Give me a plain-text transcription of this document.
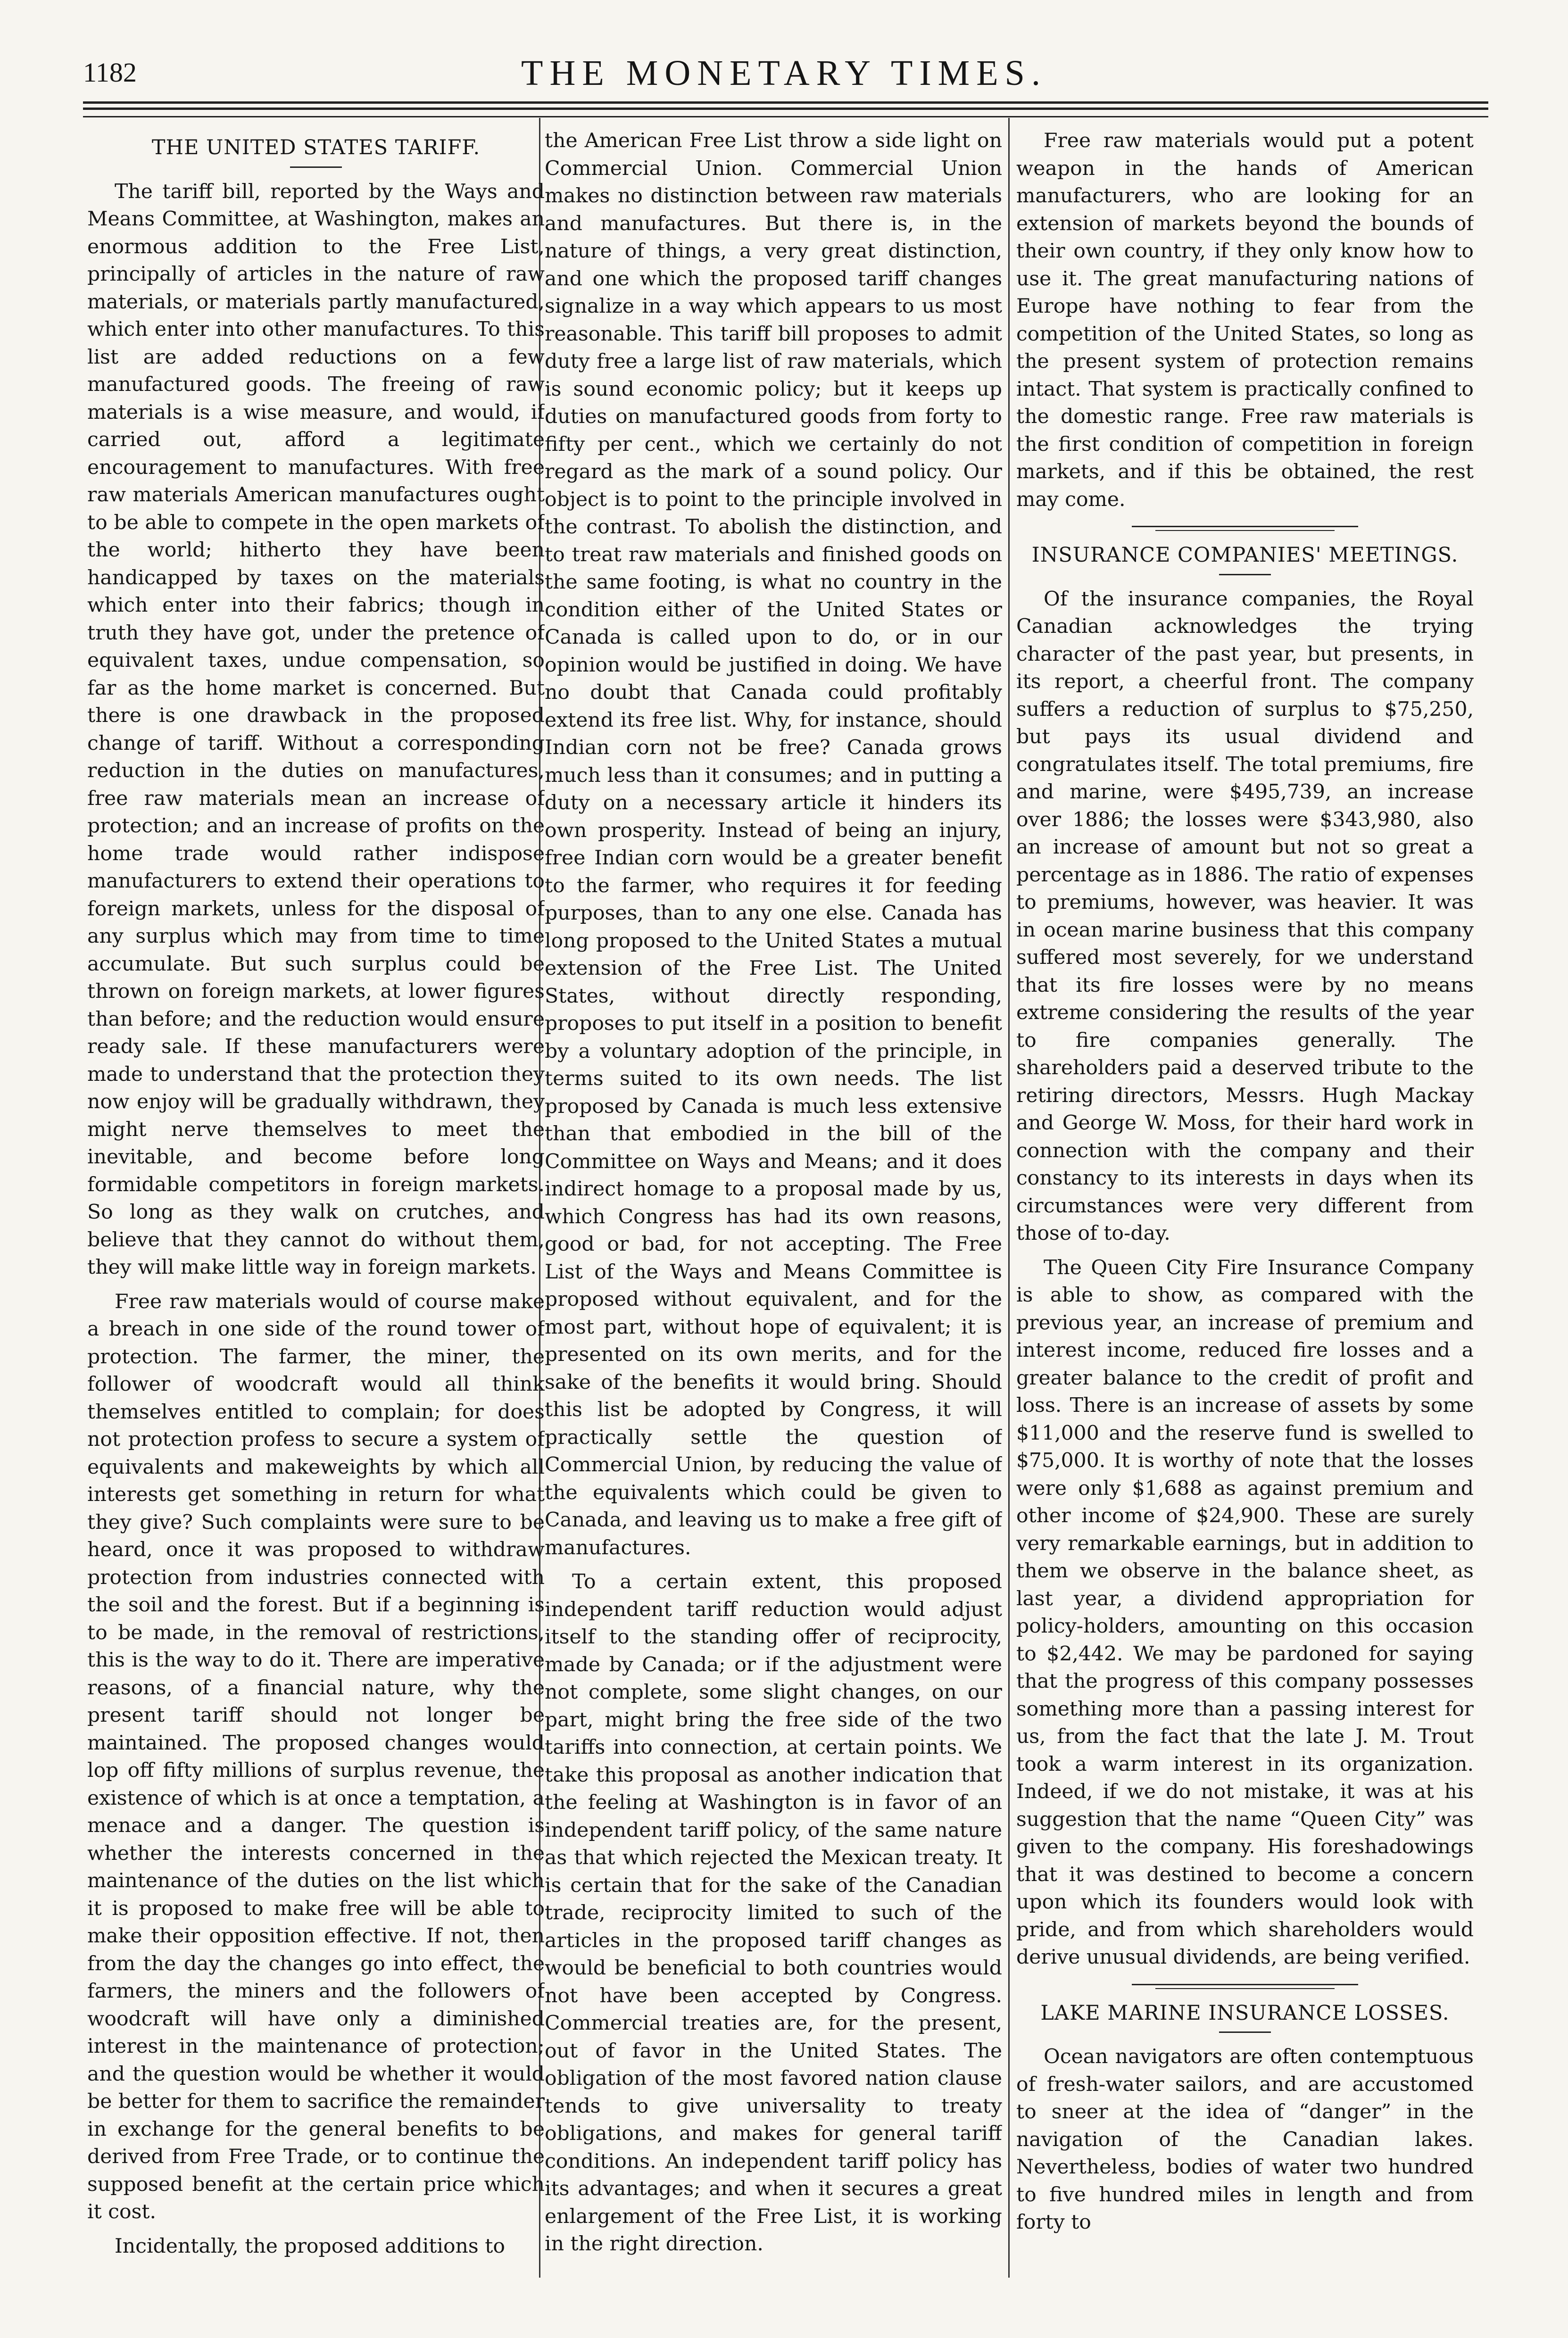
1182	THE MONETARY TIMES.
THE UNITED STATES TARIFF.

The tariff bill, reported by the Ways and Means Committee, at Washington, makes an enormous addition to the Free List, principally of articles in the nature of raw materials, or materials partly manufactured, which enter into other manufactures. To this list are added reductions on a few manufactured goods. The freeing of raw materials is a wise measure, and would, if carried out, afford a legitimate encouragement to manufactures. With free raw materials American manufactures ought to be able to compete in the open markets of the world; hitherto they have been handicapped by taxes on the materials which enter into their fabrics; though in truth they have got, under the pretence of equivalent taxes, undue compensation, so far as the home market is concerned. But there is one drawback in the proposed change of tariff. Without a corresponding reduction in the duties on manufactures, free raw materials mean an increase of protection; and an increase of profits on the home trade would rather indispose manufacturers to extend their operations to foreign markets, unless for the disposal of any surplus which may from time to time accumulate. But such surplus could be thrown on foreign markets, at lower figures than before; and the reduction would ensure ready sale. If these manufacturers were made to understand that the protection they now enjoy will be gradually withdrawn, they might nerve themselves to meet the inevitable, and become before long formidable competitors in foreign markets. So long as they walk on crutches, and believe that they cannot do without them, they will make little way in foreign markets.

Free raw materials would of course make a breach in one side of the round tower of protection. The farmer, the miner, the follower of woodcraft would all think themselves entitled to complain; for does not protection profess to secure a system of equivalents and makeweights by which all interests get something in return for what they give? Such complaints were sure to be heard, once it was proposed to withdraw protection from industries connected with the soil and the forest. But if a beginning is to be made, in the removal of restrictions, this is the way to do it. There are imperative reasons, of a financial nature, why the present tariff should not longer be maintained. The proposed changes would lop off fifty millions of surplus revenue, the existence of which is at once a temptation, a menace and a danger. The question is whether the interests concerned in the maintenance of the duties on the list which it is proposed to make free will be able to make their opposition effective. If not, then from the day the changes go into effect, the farmers, the miners and the followers of woodcraft will have only a diminished interest in the maintenance of protection; and the question would be whether it would be better for them to sacrifice the remainder in exchange for the general benefits to be derived from Free Trade, or to continue the supposed benefit at the certain price which it cost.

Incidentally, the proposed additions to

the American Free List throw a side light on Commercial Union. Commercial Union makes no distinction between raw materials and manufactures. But there is, in the nature of things, a very great distinction, and one which the proposed tariff changes signalize in a way which appears to us most reasonable. This tariff bill proposes to admit duty free a large list of raw materials, which is sound economic policy; but it keeps up duties on manufactured goods from forty to fifty per cent., which we certainly do not regard as the mark of a sound policy. Our object is to point to the principle involved in the contrast. To abolish the distinction, and to treat raw materials and finished goods on the same footing, is what no country in the condition either of the United States or Canada is called upon to do, or in our opinion would be justified in doing. We have no doubt that Canada could profitably extend its free list. Why, for instance, should Indian corn not be free? Canada grows much less than it consumes; and in putting a duty on a necessary article it hinders its own prosperity. Instead of being an injury, free Indian corn would be a greater benefit to the farmer, who requires it for feeding purposes, than to any one else. Canada has long proposed to the United States a mutual extension of the Free List. The United States, without directly responding, proposes to put itself in a position to benefit by a voluntary adoption of the principle, in terms suited to its own needs. The list proposed by Canada is much less extensive than that embodied in the bill of the Committee on Ways and Means; and it does indirect homage to a proposal made by us, which Congress has had its own reasons, good or bad, for not accepting. The Free List of the Ways and Means Committee is proposed without equivalent, and for the most part, without hope of equivalent; it is presented on its own merits, and for the sake of the benefits it would bring. Should this list be adopted by Congress, it will practically settle the question of Commercial Union, by reducing the value of the equivalents which could be given to Canada, and leaving us to make a free gift of manufactures.

To a certain extent, this proposed independent tariff reduction would adjust itself to the standing offer of reciprocity, made by Canada; or if the adjustment were not complete, some slight changes, on our part, might bring the free side of the two tariffs into connection, at certain points. We take this proposal as another indication that the feeling at Washington is in favor of an independent tariff policy, of the same nature as that which rejected the Mexican treaty. It is certain that for the sake of the Canadian trade, reciprocity limited to such of the articles in the proposed tariff changes as would be beneficial to both countries would not have been accepted by Congress. Commercial treaties are, for the present, out of favor in the United States. The obligation of the most favored nation clause tends to give universality to treaty obligations, and makes for general tariff conditions. An independent tariff policy has its advantages; and when it secures a great enlargement of the Free List, it is working in the right direction.

Free raw materials would put a potent weapon in the hands of American manufacturers, who are looking for an extension of markets beyond the bounds of their own country, if they only know how to use it. The great manufacturing nations of Europe have nothing to fear from the competition of the United States, so long as the present system of protection remains intact. That system is practically confined to the domestic range. Free raw materials is the first condition of competition in foreign markets, and if this be obtained, the rest may come.

INSURANCE COMPANIES' MEETINGS.

Of the insurance companies, the Royal Canadian acknowledges the trying character of the past year, but presents, in its report, a cheerful front. The company suffers a reduction of surplus to $75,250, but pays its usual dividend and congratulates itself. The total premiums, fire and marine, were $495,739, an increase over 1886; the losses were $343,980, also an increase of amount but not so great a percentage as in 1886. The ratio of expenses to premiums, however, was heavier. It was in ocean marine business that this company suffered most severely, for we understand that its fire losses were by no means extreme considering the results of the year to fire companies generally. The shareholders paid a deserved tribute to the retiring directors, Messrs. Hugh Mackay and George W. Moss, for their hard work in connection with the company and their constancy to its interests in days when its circumstances were very different from those of to-day.

The Queen City Fire Insurance Company is able to show, as compared with the previous year, an increase of premium and interest income, reduced fire losses and a greater balance to the credit of profit and loss. There is an increase of assets by some $11,000 and the reserve fund is swelled to $75,000. It is worthy of note that the losses were only $1,688 as against premium and other income of $24,900. These are surely very remarkable earnings, but in addition to them we observe in the balance sheet, as last year, a dividend appropriation for policy-holders, amounting on this occasion to $2,442. We may be pardoned for saying that the progress of this company possesses something more than a passing interest for us, from the fact that the late J. M. Trout took a warm interest in its organization. Indeed, if we do not mistake, it was at his suggestion that the name “Queen City” was given to the company. His foreshadowings that it was destined to become a concern upon which its founders would look with pride, and from which shareholders would derive unusual dividends, are being verified.

LAKE MARINE INSURANCE LOSSES.

Ocean navigators are often contemptuous of fresh-water sailors, and are accustomed to sneer at the idea of “danger” in the navigation of the Canadian lakes. Nevertheless, bodies of water two hundred to five hundred miles in length and from forty to
